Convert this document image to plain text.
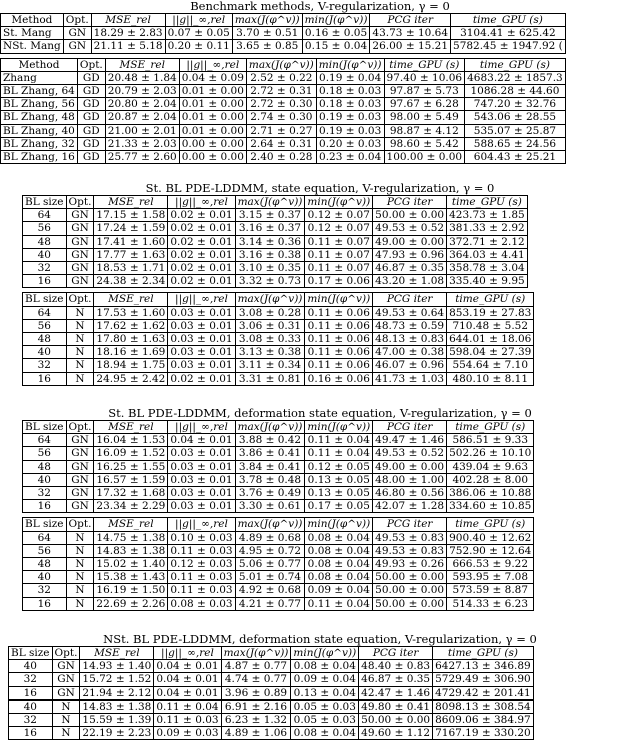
Benchmark methods, V-regularization, γ = 0
Method	Opt.	MSE_rel	||g||_∞,rel	max(J(φ^v))	min(J(φ^v))	PCG iter	time_GPU (s)
St. Mang	GN	18.29 ± 2.83	0.07 ± 0.05	3.70 ± 0.51	0.16 ± 0.05	43.73 ± 10.64	3104.41 ± 625.42
NSt. Mang	GN	21.11 ± 5.18	0.20 ± 0.11	3.65 ± 0.85	0.15 ± 0.04	26.00 ± 15.21	5782.45 ± 1947.92 (
Method	Opt.	MSE_rel	||g||_∞,rel	max(J(φ^v))	min(J(φ^v))	time_GPU (s)	time_GPU (s)
Zhang	GD	20.48 ± 1.84	0.04 ± 0.09	2.52 ± 0.22	0.19 ± 0.04	97.40 ± 10.06	4683.22 ± 1857.3
BL Zhang, 64	GD	20.79 ± 2.03	0.01 ± 0.00	2.72 ± 0.31	0.18 ± 0.03	97.87 ± 5.73	1086.28 ± 44.60
BL Zhang, 56	GD	20.80 ± 2.04	0.01 ± 0.00	2.72 ± 0.30	0.18 ± 0.03	97.67 ± 6.28	747.20 ± 32.76
BL Zhang, 48	GD	20.87 ± 2.04	0.01 ± 0.00	2.74 ± 0.30	0.19 ± 0.03	98.00 ± 5.49	543.06 ± 28.55
BL Zhang, 40	GD	21.00 ± 2.01	0.01 ± 0.00	2.71 ± 0.27	0.19 ± 0.03	98.87 ± 4.12	535.07 ± 25.87
BL Zhang, 32	GD	21.33 ± 2.03	0.00 ± 0.00	2.64 ± 0.31	0.20 ± 0.03	98.60 ± 5.42	588.65 ± 24.56
BL Zhang, 16	GD	25.77 ± 2.60	0.00 ± 0.00	2.40 ± 0.28	0.23 ± 0.04	100.00 ± 0.00	604.43 ± 25.21
St. BL PDE-LDDMM, state equation, V-regularization, γ = 0
BL size	Opt.	MSE_rel	||g||_∞,rel	max(J(φ^v))	min(J(φ^v))	PCG iter	time_GPU (s)
64	GN	17.15 ± 1.58	0.02 ± 0.01	3.15 ± 0.37	0.12 ± 0.07	50.00 ± 0.00	423.73 ± 1.85
56	GN	17.24 ± 1.59	0.02 ± 0.01	3.16 ± 0.37	0.12 ± 0.07	49.53 ± 0.52	381.33 ± 2.92
48	GN	17.41 ± 1.60	0.02 ± 0.01	3.14 ± 0.36	0.11 ± 0.07	49.00 ± 0.00	372.71 ± 2.12
40	GN	17.77 ± 1.63	0.02 ± 0.01	3.16 ± 0.38	0.11 ± 0.07	47.93 ± 0.96	364.03 ± 4.41
32	GN	18.53 ± 1.71	0.02 ± 0.01	3.10 ± 0.35	0.11 ± 0.07	46.87 ± 0.35	358.78 ± 3.04
16	GN	24.38 ± 2.34	0.02 ± 0.01	3.32 ± 0.73	0.17 ± 0.06	43.20 ± 1.08	335.40 ± 9.95
BL size	Opt.	MSE_rel	||g||_∞,rel	max(J(φ^v))	min(J(φ^v))	PCG iter	time_GPU (s)
64	N	17.53 ± 1.60	0.03 ± 0.01	3.08 ± 0.28	0.11 ± 0.06	49.53 ± 0.64	853.19 ± 27.83
56	N	17.62 ± 1.62	0.03 ± 0.01	3.06 ± 0.31	0.11 ± 0.06	48.73 ± 0.59	710.48 ± 5.52
48	N	17.80 ± 1.63	0.03 ± 0.01	3.08 ± 0.33	0.11 ± 0.06	48.13 ± 0.83	644.01 ± 18.06
40	N	18.16 ± 1.69	0.03 ± 0.01	3.13 ± 0.38	0.11 ± 0.06	47.00 ± 0.38	598.04 ± 27.39
32	N	18.94 ± 1.75	0.03 ± 0.01	3.11 ± 0.34	0.11 ± 0.06	46.07 ± 0.96	554.64 ± 7.10
16	N	24.95 ± 2.42	0.02 ± 0.01	3.31 ± 0.81	0.16 ± 0.06	41.73 ± 1.03	480.10 ± 8.11
St. BL PDE-LDDMM, deformation state equation, V-regularization, γ = 0
BL size	Opt.	MSE_rel	||g||_∞,rel	max(J(φ^v))	min(J(φ^v))	PCG iter	time_GPU (s)
64	GN	16.04 ± 1.53	0.04 ± 0.01	3.88 ± 0.42	0.11 ± 0.04	49.47 ± 1.46	586.51 ± 9.33
56	GN	16.09 ± 1.52	0.03 ± 0.01	3.86 ± 0.41	0.11 ± 0.04	49.53 ± 0.52	502.26 ± 10.10
48	GN	16.25 ± 1.55	0.03 ± 0.01	3.84 ± 0.41	0.12 ± 0.05	49.00 ± 0.00	439.04 ± 9.63
40	GN	16.57 ± 1.59	0.03 ± 0.01	3.78 ± 0.48	0.13 ± 0.05	48.00 ± 1.00	402.28 ± 8.00
32	GN	17.32 ± 1.68	0.03 ± 0.01	3.76 ± 0.49	0.13 ± 0.05	46.80 ± 0.56	386.06 ± 10.88
16	GN	23.34 ± 2.29	0.03 ± 0.01	3.30 ± 0.61	0.17 ± 0.05	42.07 ± 1.28	334.60 ± 10.85
BL size	Opt.	MSE_rel	||g||_∞,rel	max(J(φ^v))	min(J(φ^v))	PCG iter	time_GPU (s)
64	N	14.75 ± 1.38	0.10 ± 0.03	4.89 ± 0.68	0.08 ± 0.04	49.53 ± 0.83	900.40 ± 12.62
56	N	14.83 ± 1.38	0.11 ± 0.03	4.95 ± 0.72	0.08 ± 0.04	49.53 ± 0.83	752.90 ± 12.64
48	N	15.02 ± 1.40	0.12 ± 0.03	5.06 ± 0.77	0.08 ± 0.04	49.93 ± 0.26	666.53 ± 9.22
40	N	15.38 ± 1.43	0.11 ± 0.03	5.01 ± 0.74	0.08 ± 0.04	50.00 ± 0.00	593.95 ± 7.08
32	N	16.19 ± 1.50	0.11 ± 0.03	4.92 ± 0.68	0.09 ± 0.04	50.00 ± 0.00	573.59 ± 8.87
16	N	22.69 ± 2.26	0.08 ± 0.03	4.21 ± 0.77	0.11 ± 0.04	50.00 ± 0.00	514.33 ± 6.23
NSt. BL PDE-LDDMM, deformation state equation, V-regularization, γ = 0
BL size	Opt.	MSE_rel	||g||_∞,rel	max(J(φ^v))	min(J(φ^v))	PCG iter	time_GPU (s)
40	GN	14.93 ± 1.40	0.04 ± 0.01	4.87 ± 0.77	0.08 ± 0.04	48.40 ± 0.83	6427.13 ± 346.89
32	GN	15.72 ± 1.52	0.04 ± 0.01	4.74 ± 0.77	0.09 ± 0.04	46.87 ± 0.35	5729.49 ± 306.90
16	GN	21.94 ± 2.12	0.04 ± 0.01	3.96 ± 0.89	0.13 ± 0.04	42.47 ± 1.46	4729.42 ± 201.41
40	N	14.83 ± 1.38	0.11 ± 0.04	6.91 ± 2.16	0.05 ± 0.03	49.80 ± 0.41	8098.13 ± 308.54
32	N	15.59 ± 1.39	0.11 ± 0.03	6.23 ± 1.32	0.05 ± 0.03	50.00 ± 0.00	8609.06 ± 384.97
16	N	22.19 ± 2.23	0.09 ± 0.03	4.89 ± 1.06	0.08 ± 0.04	49.60 ± 1.12	7167.19 ± 330.20
